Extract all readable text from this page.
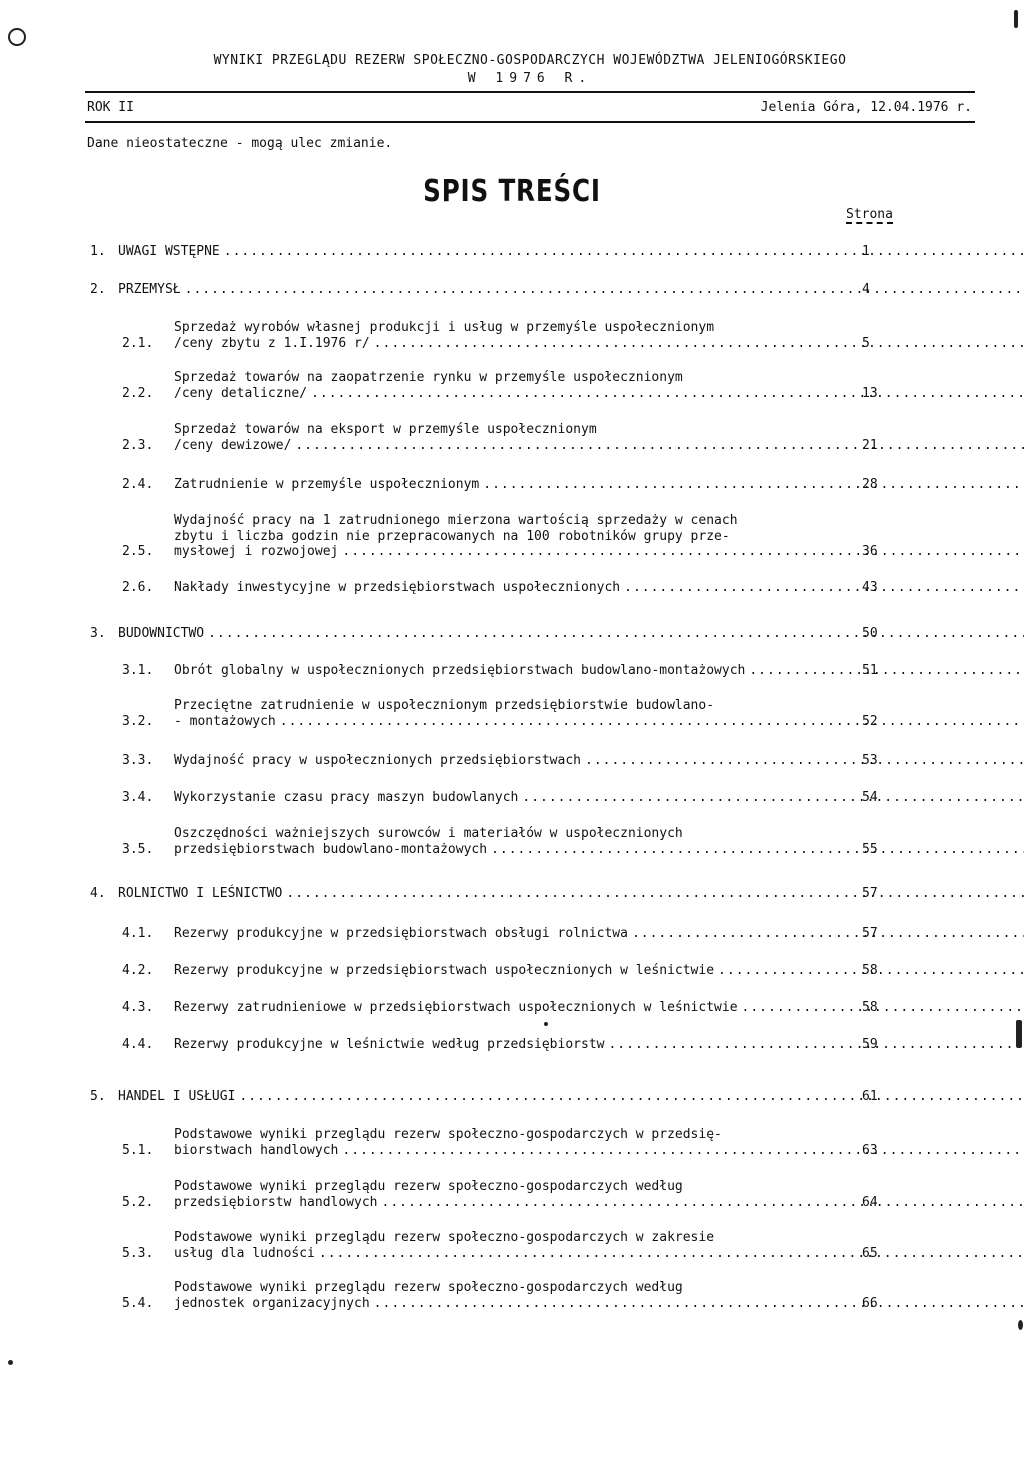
WYNIKI PRZEGLĄDU REZERW SPOŁECZNO-GOSPODARCZYCH WOJEWÓDZTWA JELENIOGÓRSKIEGO
W 1976 R.
ROK II	Jelenia Góra, 12.04.1976 r.
Dane nieostateczne - mogą ulec zmianie.
SPIS TREŚCI
Strona
1. UWAGI WSTĘPNE .....	1
2. PRZEMYSŁ .....	4
2.1.
Sprzedaż wyrobów własnej produkcji i usług w przemyśle uspołecznionym
/ceny zbytu z 1.I.1976 r/ .....	5
2.2.
Sprzedaż towarów na zaopatrzenie rynku w przemyśle uspołecznionym
/ceny detaliczne/ .....	13
2.3.
Sprzedaż towarów na eksport w przemyśle uspołecznionym
/ceny dewizowe/ .....	21
2.4.	Zatrudnienie w przemyśle uspołecznionym .....	28
2.5.
Wydajność pracy na 1 zatrudnionego mierzona wartością sprzedaży w cenach
zbytu i liczba godzin nie przepracowanych na 100 robotników grupy prze-
mysłowej i rozwojowej .....	36
2.6.	Nakłady inwestycyjne w przedsiębiorstwach uspołecznionych .....	43
3. BUDOWNICTWO .....	50
3.1.	Obrót globalny w uspołecznionych przedsiębiorstwach budowlano-montażowych .....	51
3.2.
Przeciętne zatrudnienie w uspołecznionym przedsiębiorstwie budowlano-
- montażowych .....	52
3.3.	Wydajność pracy w uspołecznionych przedsiębiorstwach .....	53
3.4.	Wykorzystanie czasu pracy maszyn budowlanych .....	54
3.5.
Oszczędności ważniejszych surowców i materiałów w uspołecznionych
przedsiębiorstwach budowlano-montażowych .....	55
4. ROLNICTWO I LEŚNICTWO .....	57
4.1.	Rezerwy produkcyjne w przedsiębiorstwach obsługi rolnictwa .....	57
4.2.	Rezerwy produkcyjne w przedsiębiorstwach uspołecznionych w leśnictwie .....	58
4.3.	Rezerwy zatrudnieniowe w przedsiębiorstwach uspołecznionych w leśnictwie .....	58
4.4.	Rezerwy produkcyjne w leśnictwie według przedsiębiorstw .....	59
5. HANDEL I USŁUGI .....	61
5.1.
Podstawowe wyniki przeglądu rezerw społeczno-gospodarczych w przedsię-
biorstwach handlowych .....	63
5.2.
Podstawowe wyniki przeglądu rezerw społeczno-gospodarczych według
przedsiębiorstw handlowych .....	64
5.3.
Podstawowe wyniki przeglądu rezerw społeczno-gospodarczych w zakresie
usług dla ludności .....	65
5.4.
Podstawowe wyniki przeglądu rezerw społeczno-gospodarczych według
jednostek organizacyjnych .....	66
